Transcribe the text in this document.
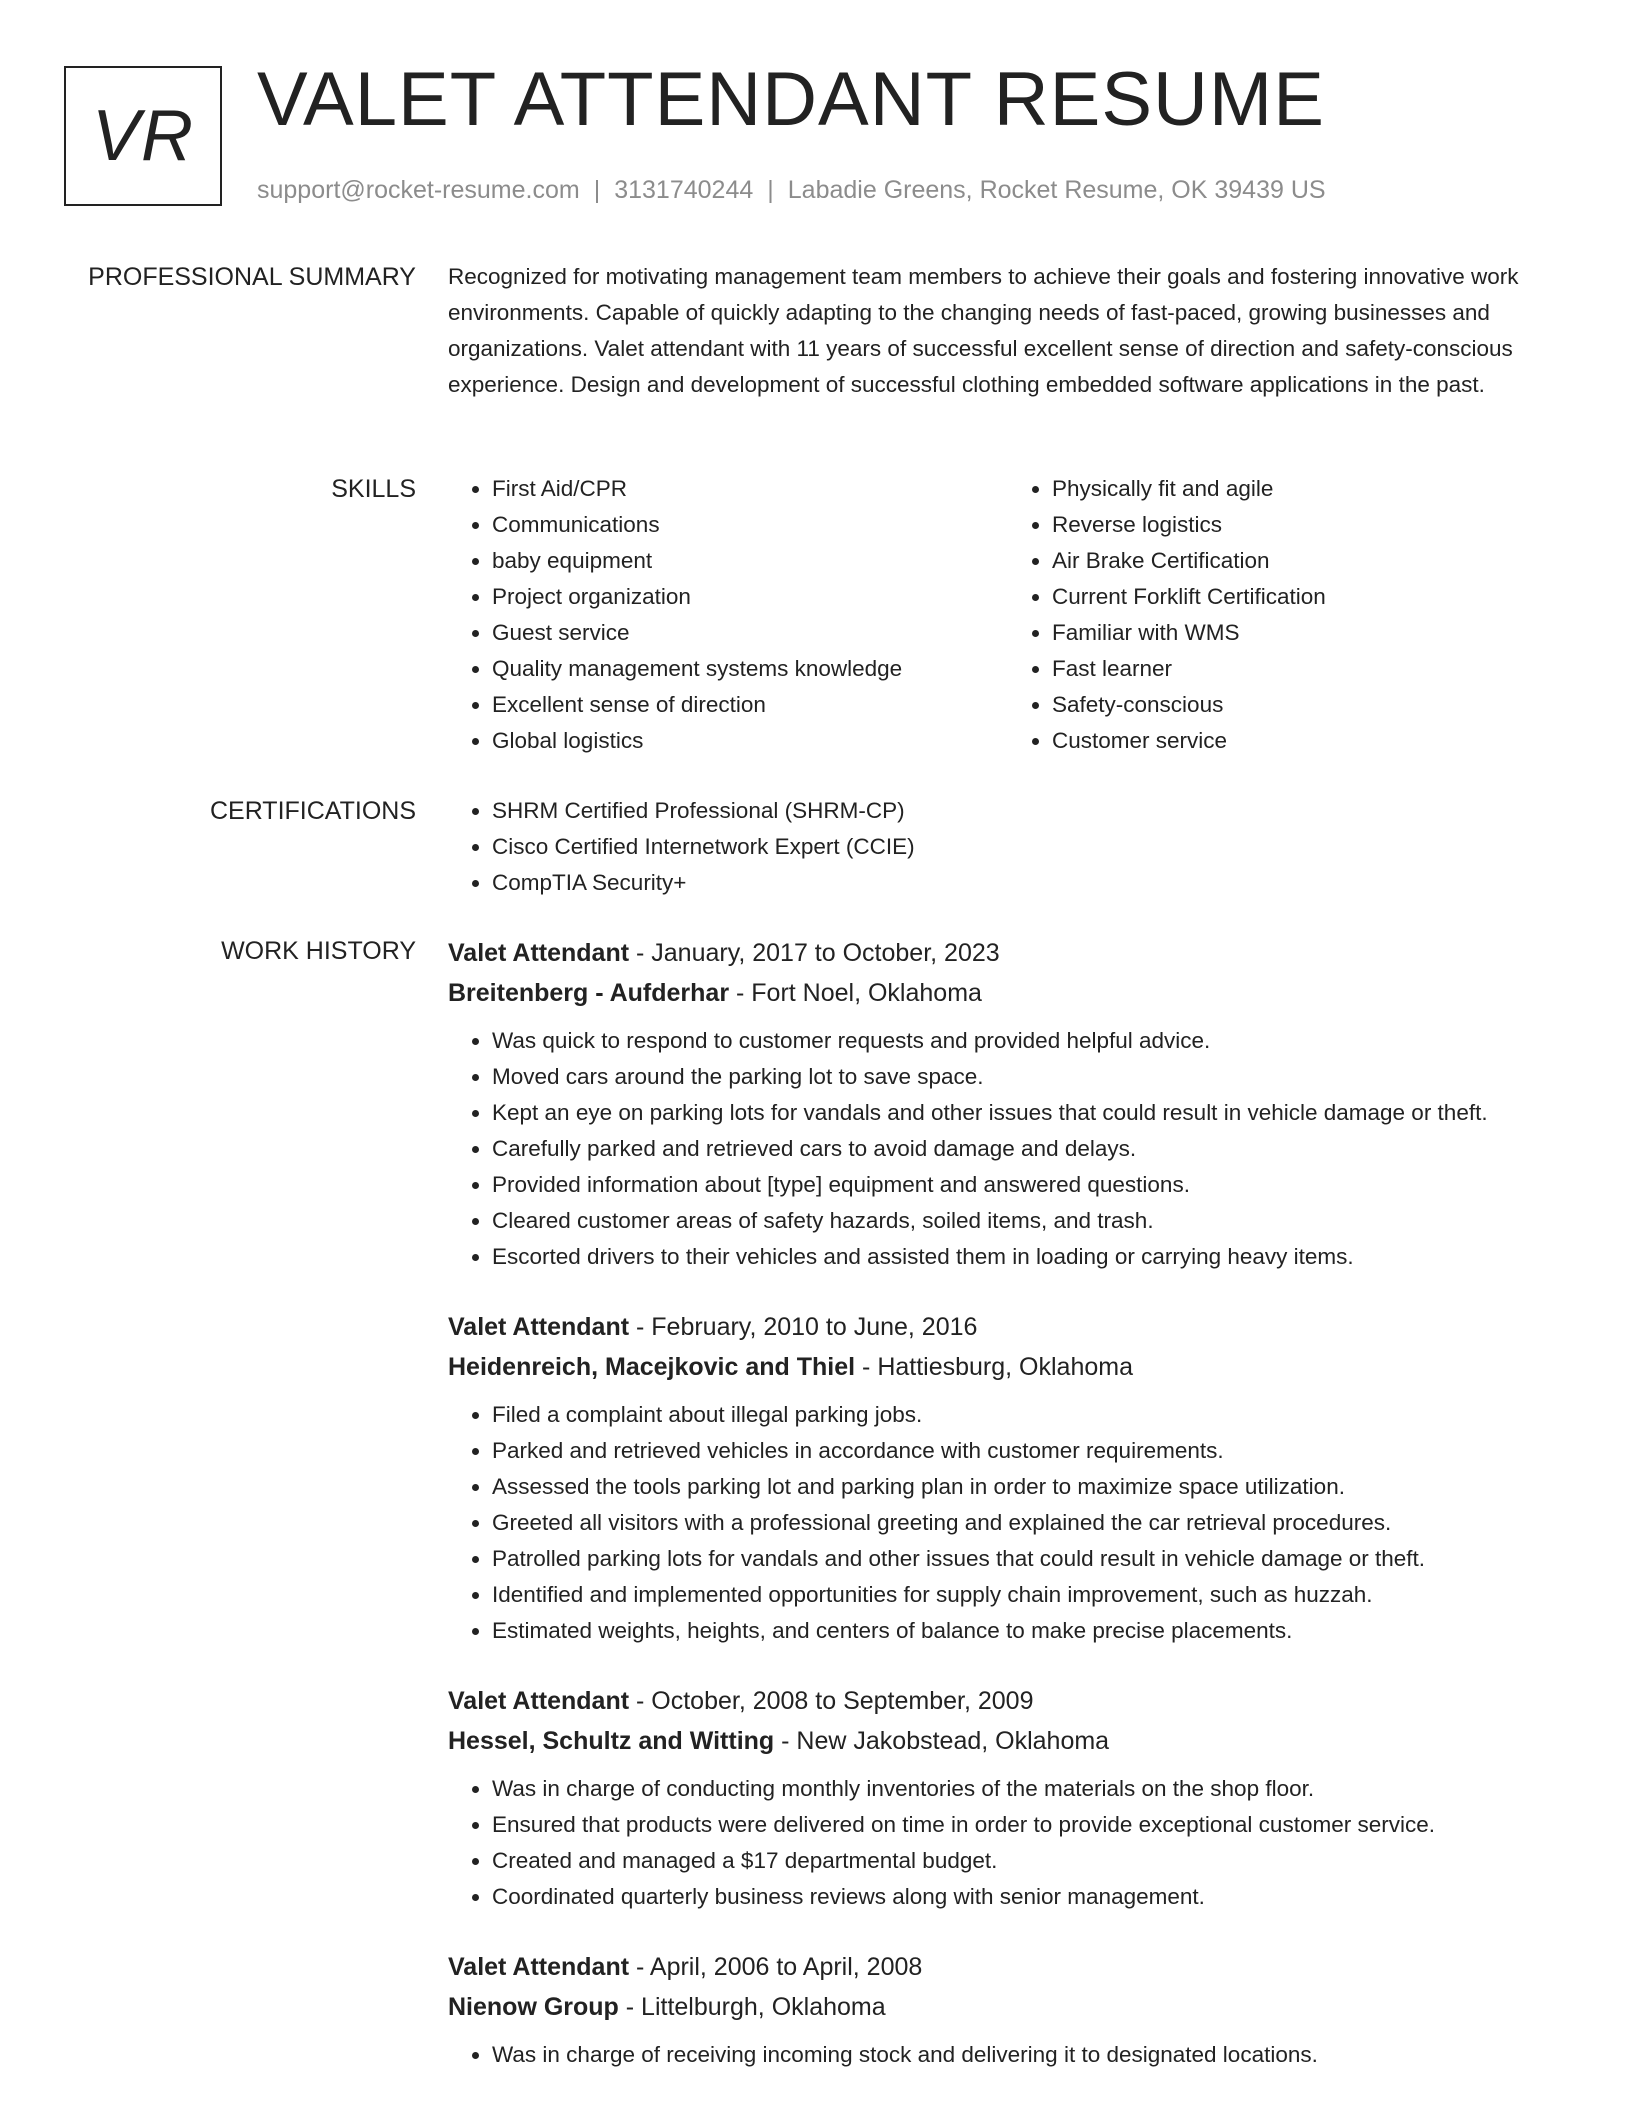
VR VALET ATTENDANT RESUME
support@rocket-resume.com | 3131740244 | Labadie Greens, Rocket Resume, OK 39439 US
PROFESSIONAL SUMMARY Recognized for motivating management team members to achieve their goals and fostering innovative work environments. Capable of quickly adapting to the changing needs of fast-paced, growing businesses and organizations. Valet attendant with 11 years of successful excellent sense of direction and safety-conscious experience. Design and development of successful clothing embedded software applications in the past.

SKILLS	• First Aid/CPR
• Communications
• baby equipment
• Project organization
• Guest service
• Quality management systems knowledge
• Excellent sense of direction
• Global logistics
• Physically fit and agile
• Reverse logistics
• Air Brake Certification
• Current Forklift Certification
• Familiar with WMS
• Fast learner
• Safety-conscious
• Customer service
CERTIFICATIONS	• SHRM Certified Professional (SHRM-CP)
• Cisco Certified Internetwork Expert (CCIE)
• CompTIA Security+
WORK HISTORY Valet Attendant - January, 2017 to October, 2023
Breitenberg - Aufderhar - Fort Noel, Oklahoma
• Was quick to respond to customer requests and provided helpful advice.
• Moved cars around the parking lot to save space.
• Kept an eye on parking lots for vandals and other issues that could result in vehicle damage or theft.
• Carefully parked and retrieved cars to avoid damage and delays.
• Provided information about [type] equipment and answered questions.
• Cleared customer areas of safety hazards, soiled items, and trash.
• Escorted drivers to their vehicles and assisted them in loading or carrying heavy items.
Valet Attendant - February, 2010 to June, 2016
Heidenreich, Macejkovic and Thiel - Hattiesburg, Oklahoma
• Filed a complaint about illegal parking jobs.
• Parked and retrieved vehicles in accordance with customer requirements.
• Assessed the tools parking lot and parking plan in order to maximize space utilization.
• Greeted all visitors with a professional greeting and explained the car retrieval procedures.
• Patrolled parking lots for vandals and other issues that could result in vehicle damage or theft.
• Identified and implemented opportunities for supply chain improvement, such as huzzah.
• Estimated weights, heights, and centers of balance to make precise placements.
Valet Attendant - October, 2008 to September, 2009
Hessel, Schultz and Witting - New Jakobstead, Oklahoma
• Was in charge of conducting monthly inventories of the materials on the shop floor.
• Ensured that products were delivered on time in order to provide exceptional customer service.
• Created and managed a $17 departmental budget.
• Coordinated quarterly business reviews along with senior management.
Valet Attendant - April, 2006 to April, 2008
Nienow Group - Littelburgh, Oklahoma
• Was in charge of receiving incoming stock and delivering it to designated locations.
